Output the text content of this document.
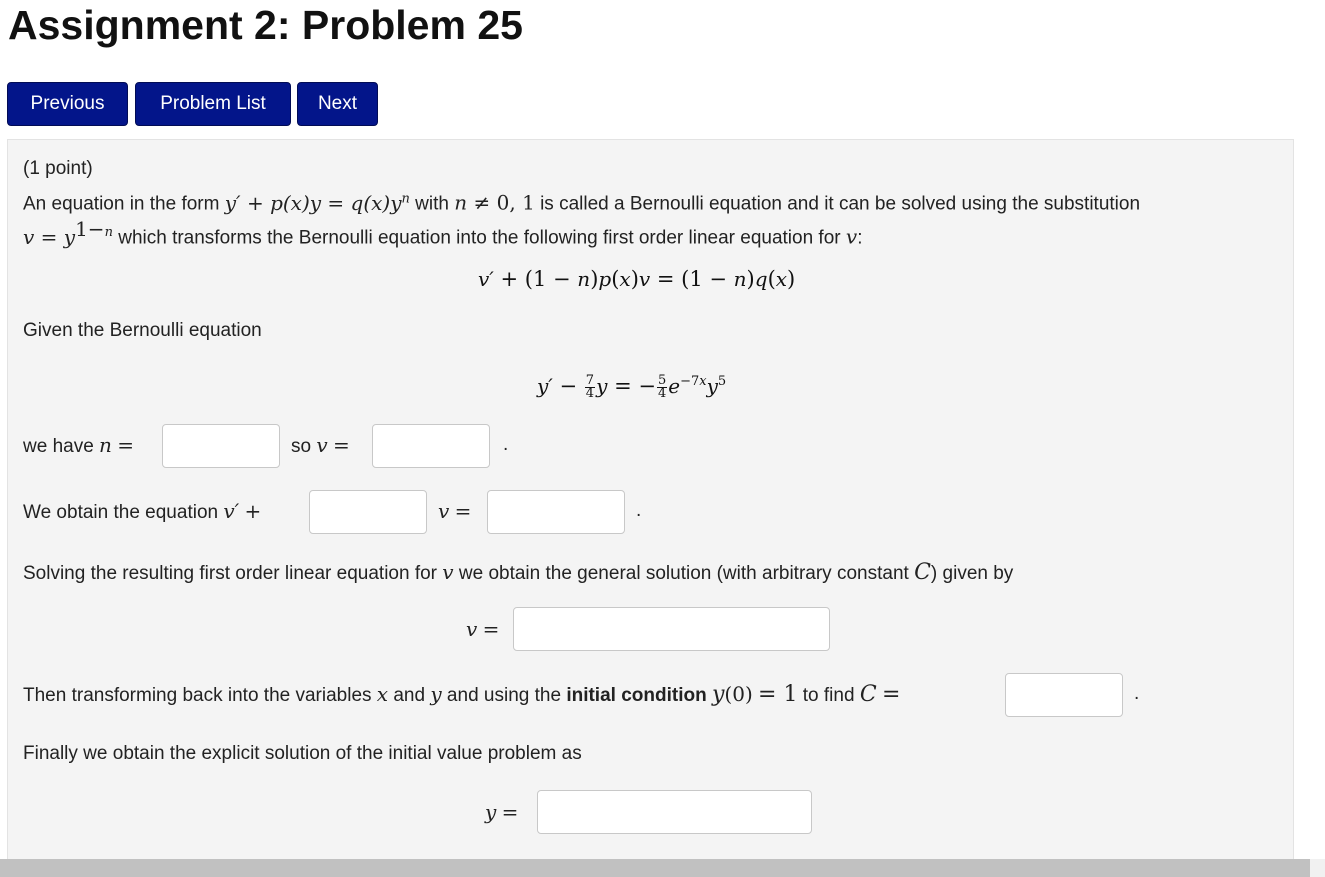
Assignment 2: Problem 25
Previous	Problem List	Next
(1 point)
An equation in the form $y' + p(x)y = q(x)y^n$ with n ≠ 0, 1 is called a Bernoulli equation and it can be solved using the substitution
$v = y^{1-n}$ which transforms the Bernoulli equation into the following first order linear equation for v:
v′ + (1 − n)p(x)v = (1 − n)q(x)
Given the Bernoulli equation
$y' - \frac{7}{4}$ y = − $\frac{5}{4} e^{-7x}y^5$
we have n =	so v =	.
We obtain the equation v′ +	v =	.
Solving the resulting first order linear equation for v we obtain the general solution (with arbitrary constant C) given by
v =
Then transforming back into the variables x and y and using the initial condition y(0) = 1 to find C =	.
Finally we obtain the explicit solution of the initial value problem as
y =
